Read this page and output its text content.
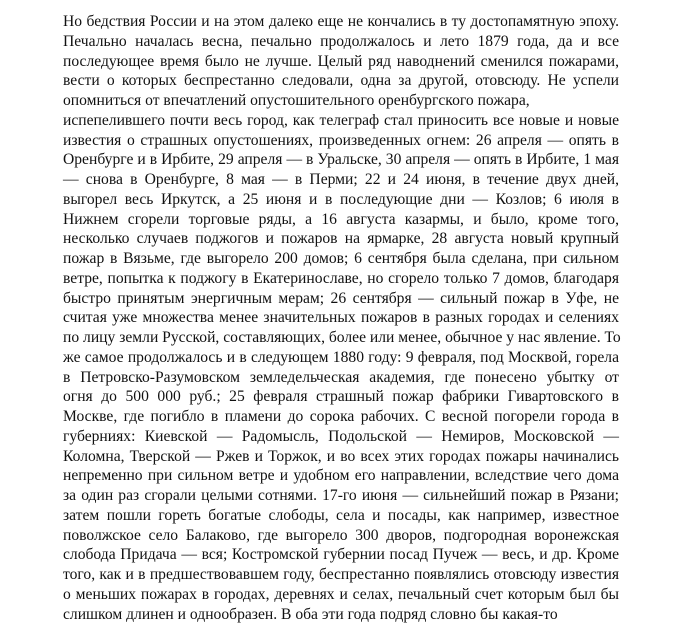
Но бедствия России и на этом далеко еще не кончались в ту достопамятную эпоху.
Печально началась весна, печально продолжалось и лето 1879 года, да и все
последующее время было не лучше. Целый ряд наводнений сменился пожарами,
вести о которых беспрестанно следовали, одна за другой, отовсюду. Не успели
опомниться от впечатлений опустошительного оренбургского пожара,
испепелившего почти весь город, как телеграф стал приносить все новые и новые
известия о страшных опустошениях, произведенных огнем: 26 апреля — опять в
Оренбурге и в Ирбите, 29 апреля — в Уральске, 30 апреля — опять в Ирбите, 1 мая
— снова в Оренбурге, 8 мая — в Перми; 22 и 24 июня, в течение двух дней,
выгорел весь Иркутск, а 25 июня и в последующие дни — Козлов; 6 июля в
Нижнем сгорели торговые ряды, а 16 августа казармы, и было, кроме того,
несколько случаев поджогов и пожаров на ярмарке, 28 августа новый крупный
пожар в Вязьме, где выгорело 200 домов; 6 сентября была сделана, при сильном
ветре, попытка к поджогу в Екатеринославе, но сгорело только 7 домов, благодаря
быстро принятым энергичным мерам; 26 сентября — сильный пожар в Уфе, не
считая уже множества менее значительных пожаров в разных городах и селениях
по лицу земли Русской, составляющих, более или менее, обычное у нас явление. То
же самое продолжалось и в следующем 1880 году: 9 февраля, под Москвой, горела
в Петровско-Разумовском земледельческая академия, где понесено убытку от
огня до 500 000 руб.; 25 февраля страшный пожар фабрики Гивартовского в
Москве, где погибло в пламени до сорока рабочих. С весной погорели города в
губерниях: Киевской — Радомысль, Подольской — Немиров, Московской —
Коломна, Тверской — Ржев и Торжок, и во всех этих городах пожары начинались
непременно при сильном ветре и удобном его направлении, вследствие чего дома
за один раз сгорали целыми сотнями. 17-го июня — сильнейший пожар в Рязани;
затем пошли гореть богатые слободы, села и посады, как например, известное
поволжское село Балаково, где выгорело 300 дворов, подгородная воронежская
слобода Придача — вся; Костромской губернии посад Пучеж — весь, и др. Кроме
того, как и в предшествовавшем году, беспрестанно появлялись отовсюду известия
о меньших пожарах в городах, деревнях и селах, печальный счет которым был бы
слишком длинен и однообразен. В оба эти года подряд словно бы какая-то
